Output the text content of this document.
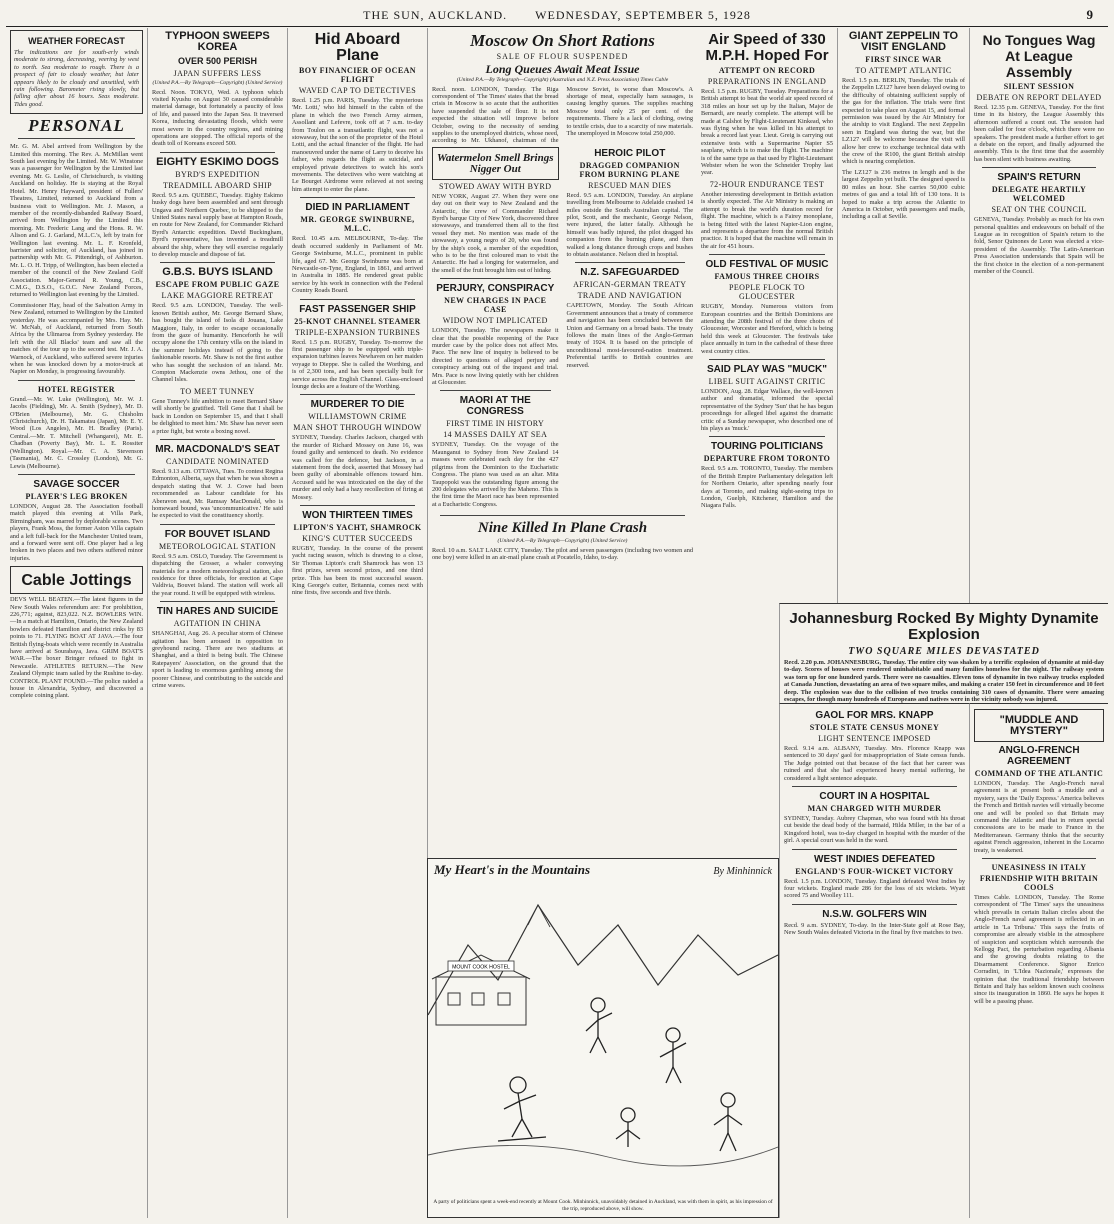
THE SUN, AUCKLAND. WEDNESDAY, SEPTEMBER 5, 1928	9
WEATHER FORECAST

The indications are for south-erly winds moderate to strong, decreasing, veering by west to north. Sea moderate to rough. There is a prospect of fair to cloudy weather, but later appears likely to be cloudy and unsettled, with rain following. Barometer rising slowly, but falling after about 16 hours. Seas moderate. Tides good.

PERSONAL

Mr. G. M. Abel arrived from Wellington by the Limited this morning. The Rev. A. McMillan went South last evening by the Limited. Mr. W. Winstone was a passenger for Wellington by the Limited last evening. Mr. G. Leslie, of Christchurch, is visiting Auckland on holiday. He is staying at the Royal Hotel. Mr. Henry Hayward, president of Fullers' Theatres, Limited, returned to Auckland from a business visit to Wellington. Mr. J. Mason, a member of the recently-disbanded Railway Board, arrived from Wellington by the Limited this morning. Mr. Frederic Lang and the Hons. R. W. Alison and G. J. Garland, M.L.C.'s, left by train for Wellington last evening. Mr. L. F. Kronfeld, barrister and solicitor, of Auckland, has joined in partnership with Mr. G. Pittendrigh, of Ashburton. Mr. L. O. H. Tripp, of Wellington, has been elected a member of the council of the New Zealand Golf Association. Major-General R. Young, C.B., C.M.G., D.S.O., G.O.C. New Zealand Forces, returned to Wellington last evening by the Limited.

Commissioner Hay, head of the Salvation Army in New Zealand, returned to Wellington by the Limited yesterday. He was accompanied by Mrs. Hay. Mr. W. McNab, of Auckland, returned from South Africa by the Ulimaroa from Sydney yesterday. He left with the All Blacks' team and saw all the matches of the tour up to the second test. Mr. J. A. Warnock, of Auckland, who suffered severe injuries when he was knocked down by a motor-truck at Napier on Monday, is progressing favourably.

HOTEL REGISTER

Grand.—Mr. W. Luke (Wellington), Mr. W. J. Jacobs (Fielding), Mr. A. Smith (Sydney), Mr. D. O'Brien (Melbourne), Mr. G. Chisholm (Christchurch), Dr. H. Takamatsu (Japan), Mr. E. Y. Wood (Los Angeles), Mr. H. Bradley (Paris). Central.—Mr. T. Mitchell (Whangarei), Mr. E. Chadban (Poverty Bay), Mr. L. E. Rossiter (Wellington). Royal.—Mr. C. A. Stevenson (Tasmania), Mr. C. Crossley (London), Mr. G. Lewis (Melbourne).

SAVAGE SOCCER
PLAYER'S LEG BROKEN

LONDON, August 28. The Association football match played this evening at Villa Park, Birmingham, was marred by deplorable scenes. Two players, Frank Moss, the former Aston Villa captain and a left full-back for the Manchester United team, and a forward were sent off. One player had a leg broken in two places and two others suffered minor injuries.

Cable Jottings

DEVS WELL BEATEN.—The latest figures in the New South Wales referendum are: For prohibition, 226,771; against, 823,022. N.Z. BOWLERS WIN.—In a match at Hamilton, Ontario, the New Zealand bowlers defeated Hamilton and district rinks by 83 points to 71. FLYING BOAT AT JAVA.—The four British flying-boats which were recently in Australia have arrived at Sourabaya, Java. GRIM BOAT'S WAR.—The boxer Bringer refused to fight in Newcastle. ATHLETES RETURN.—The New Zealand Olympic team sailed by the Rushine to-day. CONTROL PLANT FOUND.—The police raided a house in Alexandria, Sydney, and discovered a complete coining plant.

TYPHOON SWEEPS KOREA
OVER 500 PERISH
JAPAN SUFFERS LESS
(United P.A.—By Telegraph—Copyright) (United Service)

Recd. Noon. TOKYO, Wed. A typhoon which visited Kyushu on August 30 caused considerable material damage, but fortunately a paucity of loss of life, and passed into the Japan Sea. It traversed Korea, inducing devastating floods, which were most severe in the country regions, and mining operations are stopped. The official reports of the death toll of Koreans exceed 500.

EIGHTY ESKIMO DOGS
BYRD'S EXPEDITION
TREADMILL ABOARD SHIP

Recd. 9.5 a.m. QUEBEC, Tuesday. Eighty Eskimo husky dogs have been assembled and sent through Ungava and Northern Quebec, to be shipped to the United States naval supply base at Hampton Roads, en route for New Zealand, for Commander Richard Byrd's Antarctic expedition. David Buckingham, Byrd's representative, has invented a treadmill aboard the ship, where they will exercise regularly to develop muscle and dispose of fat.

G.B.S. BUYS ISLAND
ESCAPE FROM PUBLIC GAZE
LAKE MAGGIORE RETREAT

Recd. 9.5 a.m. LONDON, Tuesday. The well-known British author, Mr. George Bernard Shaw, has bought the island of Isola di Jouana, Lake Maggiore, Italy, in order to escape occasionally from the gaze of humanity. Henceforth he will occupy alone the 17th century villa on the island in the summer holidays instead of going to the fashionable resorts. Mr. Shaw is not the first author who has sought the seclusion of an island. Mr. Compton Mackenzie owns Jethou, one of the Channel Isles.

TO MEET TUNNEY

Gene Tunney's life ambition to meet Bernard Shaw will shortly be gratified. 'Tell Gene that I shall be back in London on September 15, and that I shall be delighted to meet him.' Mr. Shaw has never seen a prize fight, but wrote a boxing novel.

MR. MACDONALD'S SEAT
CANDIDATE NOMINATED

Recd. 9.13 a.m. OTTAWA, Tues. To contest Regina Edmonton, Alberta, says that when he was shown a despatch stating that W. J. Cowe had been recommended as Labour candidate for his Aberavon seat, Mr. Ramsay MacDonald, who is homeward bound, was 'uncommunicative.' He said he expected to visit the constituency shortly.

FOR BOUVET ISLAND
METEOROLOGICAL STATION

Recd. 9.5 a.m. OSLO, Tuesday. The Government is dispatching the Grosser, a whaler conveying materials for a modern meteorological station, also residence for three officials, for erection at Cape Valdivia, Bouvet Island. The station will work all the year round. It will be equipped with wireless.

TIN HARES AND SUICIDE
AGITATION IN CHINA

SHANGHAI, Aug. 26. A peculiar storm of Chinese agitation has been aroused in opposition to greyhound racing. There are two stadiums at Shanghai, and a third is being built. The Chinese Ratepayers' Association, on the ground that the sport is leading to enormous gambling among the poorer Chinese, and contributing to the suicide and crime waves.

Hid Aboard Plane
BOY FINANCIER OF OCEAN FLIGHT
WAVED CAP TO DETECTIVES

Recd. 1.25 p.m. PARIS, Tuesday. The mysterious 'Mr. Lotti,' who hid himself in the cabin of the plane in which the two French Army airmen, Assollant and Lefevre, took off at 7 a.m. to-day from Toulon on a transatlantic flight, was not a stowaway, but the son of the proprietor of the Hotel Lotti, and the actual financier of the flight. He had manoeuvred under the name of Larry to deceive his father, who regards the flight as suicidal, and employed private detectives to watch his son's movements. The detectives who were watching at Le Bourget Airdrome were relieved at not seeing him attempt to enter the plane.

DIED IN PARLIAMENT
MR. GEORGE SWINBURNE, M.L.C.

Recd. 10.45 a.m. MELBOURNE, To-day. The death occurred suddenly in Parliament of Mr. George Swinburne, M.L.C., prominent in public life, aged 67. Mr. George Swinburne was born at Newcastle-on-Tyne, England, in 1861, and arrived in Australia in 1885. He rendered great public service by his work in connection with the Federal Country Roads Board.

FAST PASSENGER SHIP
25-KNOT CHANNEL STEAMER
TRIPLE-EXPANSION TURBINES

Recd. 1.5 p.m. RUGBY, Tuesday. To-morrow the first passenger ship to be equipped with triple-expansion turbines leaves Newhaven on her maiden voyage to Dieppe. She is called the Worthing, and is of 2,300 tons, and has been specially built for service across the English Channel. Glass-enclosed lounge decks are a feature of the Worthing.

MURDERER TO DIE
WILLIAMSTOWN CRIME
MAN SHOT THROUGH WINDOW

SYDNEY, Tuesday. Charles Jackson, charged with the murder of Richard Mossey on June 16, was found guilty and sentenced to death. No evidence was called for the defence, but Jackson, in a statement from the dock, asserted that Mossey had been guilty of abominable offences toward him. Accused said he was intoxicated on the day of the murder and only had a hazy recollection of firing at Mossey.

WON THIRTEEN TIMES
LIPTON'S YACHT, SHAMROCK
KING'S CUTTER SUCCEEDS

RUGBY, Tuesday. In the course of the present yacht racing season, which is drawing to a close, Sir Thomas Lipton's craft Shamrock has won 13 first prizes, seven second prizes, and one third prize. This has been its most successful season. King George's cutter, Britannia, comes next with nine firsts, five seconds and five thirds.

Moscow On Short Rations
SALE OF FLOUR SUSPENDED
Long Queues Await Meat Issue
(United P.A.—By Telegraph—Copyright) (Australian and N.Z. Press Association) Times Cable

Recd. noon. LONDON, Tuesday. The Riga correspondent of 'The Times' states that the bread crisis in Moscow is so acute that the authorities have suspended the sale of flour. It is not expected the situation will improve before October, owing to the necessity of sending supplies to the unemployed districts, whose need, according to Mr. Ukhanof, chairman of the Moscow Soviet, is worse than Moscow's. A shortage of meat, especially ham sausages, is causing lengthy queues. The supplies reaching Moscow total only 25 per cent. of the requirements. There is a lack of clothing, owing to textile crisis, due to a scarcity of raw materials. The unemployed in Moscow total 250,000.

Watermelon Smell Brings Nigger Out
STOWED AWAY WITH BYRD

NEW YORK, August 27. When they were one day out on their way to New Zealand and the Antarctic, the crew of Commander Richard Byrd's barque City of New York, discovered three stowaways, and transferred them all to the first vessel they met. No mention was made of the stowaway, a young negro of 20, who was found by the ship's cook, a member of the expedition, who is to be the first coloured man to visit the Antarctic. He had a longing for watermelon, and the smell of the fruit brought him out of hiding.

PERJURY, CONSPIRACY
NEW CHARGES IN PACE CASE
WIDOW NOT IMPLICATED

LONDON, Tuesday. The newspapers make it clear that the possible reopening of the Pace murder case by the police does not affect Mrs. Pace. The new line of inquiry is believed to be directed to questions of alleged perjury and conspiracy arising out of the inquest and trial. Mrs. Pace is now living quietly with her children at Gloucester.

MAORI AT THE CONGRESS
FIRST TIME IN HISTORY
14 MASSES DAILY AT SEA

SYDNEY, Tuesday. On the voyage of the Maunganui to Sydney from New Zealand 14 masses were celebrated each day for the 427 pilgrims from the Dominion to the Eucharistic Congress. The piano was used as an altar. Mita Taupopoki was the outstanding figure among the 200 delegates who arrived by the Maheno. This is the first time the Maori race has been represented at a Eucharistic Congress.

HEROIC PILOT
DRAGGED COMPANION FROM BURNING PLANE
RESCUED MAN DIES

Recd. 9.5 a.m. LONDON, Tuesday. An airplane travelling from Melbourne to Adelaide crashed 14 miles outside the South Australian capital. The pilot, Scott, and the mechanic, George Nelson, were injured, the latter fatally. Although he himself was badly injured, the pilot dragged his companion from the burning plane, and then walked a long distance through crops and bushes to obtain assistance. Nelson died in hospital.

N.Z. SAFEGUARDED
AFRICAN-GERMAN TREATY
TRADE AND NAVIGATION

CAPETOWN, Monday. The South African Government announces that a treaty of commerce and navigation has been concluded between the Union and Germany on a broad basis. The treaty follows the main lines of the Anglo-German treaty of 1924. It is based on the principle of unconditional most-favoured-nation treatment. Preferential tariffs to British countries are reserved.

Nine Killed In Plane Crash
(United P.A.—By Telegraph—Copyright) (United Service)

Recd. 10 a.m. SALT LAKE CITY, Tuesday. The pilot and seven passengers (including two women and one boy) were killed in an air-mail plane crash at Pocatello, Idaho, to-day.

My Heart's in the Mountains	By Minhinnick
MOUNT COOK HOSTEL
A party of politicians spent a week-end recently at Mount Cook. Minhinnick, unavoidably detained in Auckland, was with them in spirit, as his impression of the trip, reproduced above, will show.
Air Speed of 330 M.P.H. Hoped For
ATTEMPT ON RECORD
PREPARATIONS IN ENGLAND

Recd. 1.5 p.m. RUGBY, Tuesday. Preparations for a British attempt to beat the world air speed record of 318 miles an hour set up by the Italian, Major de Bernardi, are nearly complete. The attempt will be made at Calshot by Flight-Lieutenant Kinkead, who was flying when he was killed in his attempt to break a record last year. Lieut. Greig is carrying out extensive tests with a Supermarine Napier S5 seaplane, which is to make the flight. The machine is of the same type as that used by Flight-Lieutenant Webster when he won the Schneider Trophy last year.

72-HOUR ENDURANCE TEST

Another interesting development in British aviation is shortly expected. The Air Ministry is making an attempt to break the world's duration record for flight. The machine, which is a Fairey monoplane, is being fitted with the latest Napier-Lion engine, and represents a departure from the normal British practice. It is hoped that the machine will remain in the air for 451 hours.

OLD FESTIVAL OF MUSIC
FAMOUS THREE CHOIRS
PEOPLE FLOCK TO GLOUCESTER

RUGBY, Monday. Numerous visitors from European countries and the British Dominions are attending the 208th festival of the three choirs of Gloucester, Worcester and Hereford, which is being held this week at Gloucester. The festivals take place annually in turn in the cathedral of these three west country cities.

SAID PLAY WAS "MUCK"
LIBEL SUIT AGAINST CRITIC

LONDON, Aug. 28. Edgar Wallace, the well-known author and dramatist, informed the special representative of the Sydney 'Sun' that he has begun proceedings for alleged libel against the dramatic critic of a Sunday newspaper, who described one of his plays as 'muck.'

TOURING POLITICIANS
DEPARTURE FROM TORONTO

Recd. 9.5 a.m. TORONTO, Tuesday. The members of the British Empire Parliamentary delegation left for Northern Ontario, after spending nearly four days at Toronto, and making sight-seeing trips to London, Guelph, Kitchener, Hamilton and the Niagara Falls.

GIANT ZEPPELIN TO VISIT ENGLAND
FIRST SINCE WAR
TO ATTEMPT ATLANTIC

Recd. 1.5 p.m. BERLIN, Tuesday. The trials of the Zeppelin LZ127 have been delayed owing to the difficulty of obtaining sufficient supply of the gas for the inflation. The trials were first expected to take place on August 15, and formal permission was issued by the Air Ministry for the airship to visit England. The next Zeppelin seen in England was during the war, but the LZ127 will be welcome because the visit will allow her crew to exchange technical data with the crew of the R100, the giant British airship which is nearing completion.

The LZ127 is 236 metres in length and is the largest Zeppelin yet built. The designed speed is 80 miles an hour. She carries 50,000 cubic metres of gas and a total lift of 130 tons. It is hoped to make a trip across the Atlantic to America in October, with passengers and mails, including a call at Seville.

No Tongues Wag At League Assembly
SILENT SESSION
DEBATE ON REPORT DELAYED

Recd. 12.35 p.m. GENEVA, Tuesday. For the first time in its history, the League Assembly this afternoon suffered a count out. The session had been called for four o'clock, which there were no speakers. The president made a further effort to get a debate on the report, and finally adjourned the assembly. This is the first time that the assembly has been silent with business awaiting.

SPAIN'S RETURN
DELEGATE HEARTILY WELCOMED
SEAT ON THE COUNCIL

GENEVA, Tuesday. Probably as much for his own personal qualities and endeavours on behalf of the League as in recognition of Spain's return to the fold, Senor Quinones de Leon was elected a vice-president of the Assembly. The Latin-American Press Association understands that Spain will be the first choice in the election of a non-permanent member of the Council.

Johannesburg Rocked By Mighty Dynamite Explosion
TWO SQUARE MILES DEVASTATED

Recd. 2.20 p.m. JOHANNESBURG, Tuesday. The entire city was shaken by a terrific explosion of dynamite at mid-day to-day. Scores of houses were rendered uninhabitable and many families homeless for the night. The railway system was torn up for one hundred yards. There were no casualties. Eleven tons of dynamite in two railway trucks exploded at Canada Junction, devastating an area of two square miles, and making a crater 150 feet in circumference and 10 feet deep. The explosion was due to the collision of two trucks containing 310 cases of dynamite. There were amazing escapes, for though many hundreds of Europeans and natives were in the vicinity nobody was injured.

GAOL FOR MRS. KNAPP
STOLE STATE CENSUS MONEY
LIGHT SENTENCE IMPOSED

Recd. 9.14 a.m. ALBANY, Tuesday. Mrs. Florence Knapp was sentenced to 30 days' gaol for misappropriation of State census funds. The Judge pointed out that because of the fact that her career was ruined and that she had experienced heavy mental suffering, he considered a light sentence adequate.

COURT IN A HOSPITAL
MAN CHARGED WITH MURDER

SYDNEY, Tuesday. Aubrey Chapman, who was found with his throat cut beside the dead body of the barmaid, Hilda Miller, in the bar of a Kingsford hotel, was to-day charged in hospital with the murder of the girl. A special court was held in the ward.

WEST INDIES DEFEATED
ENGLAND'S FOUR-WICKET VICTORY

Recd. 1.5 p.m. LONDON, Tuesday. England defeated West Indies by four wickets. England made 286 for the loss of six wickets. Wyatt scored 75 and Woolley 111.

N.S.W. GOLFERS WIN

Recd. 9 a.m. SYDNEY, To-day. In the Inter-State golf at Rose Bay, New South Wales defeated Victoria in the final by five matches to two.

"MUDDLE AND MYSTERY"
ANGLO-FRENCH AGREEMENT
COMMAND OF THE ATLANTIC

LONDON, Tuesday. The Anglo-French naval agreement is at present both a muddle and a mystery, says the 'Daily Express.' America believes the French and British navies will virtually become one and will be pooled so that Britain may command the Atlantic and that in return special concessions are to be made to France in the Mediterranean. Germany thinks that the security against French aggression, inherent in the Locarno treaty, is weakened.

UNEASINESS IN ITALY
FRIENDSHIP WITH BRITAIN COOLS

Times Cable. LONDON, Tuesday. The Rome correspondent of 'The Times' says the uneasiness which prevails in certain Italian circles about the Anglo-French naval agreement is reflected in an article in 'La Tribuna.' This says the fruits of compromise are already visible in the atmosphere of suspicion and scepticism which surrounds the Kellogg Pact, the perturbation regarding Albania and the growing doubts relating to the Disarmament Conference. Signor Enrico Corradini, in 'L'Idea Nazionale,' expresses the opinion that the traditional friendship between Britain and Italy has seldom known such coolness since its inauguration in 1860. He says he hopes it will be a passing phase.
